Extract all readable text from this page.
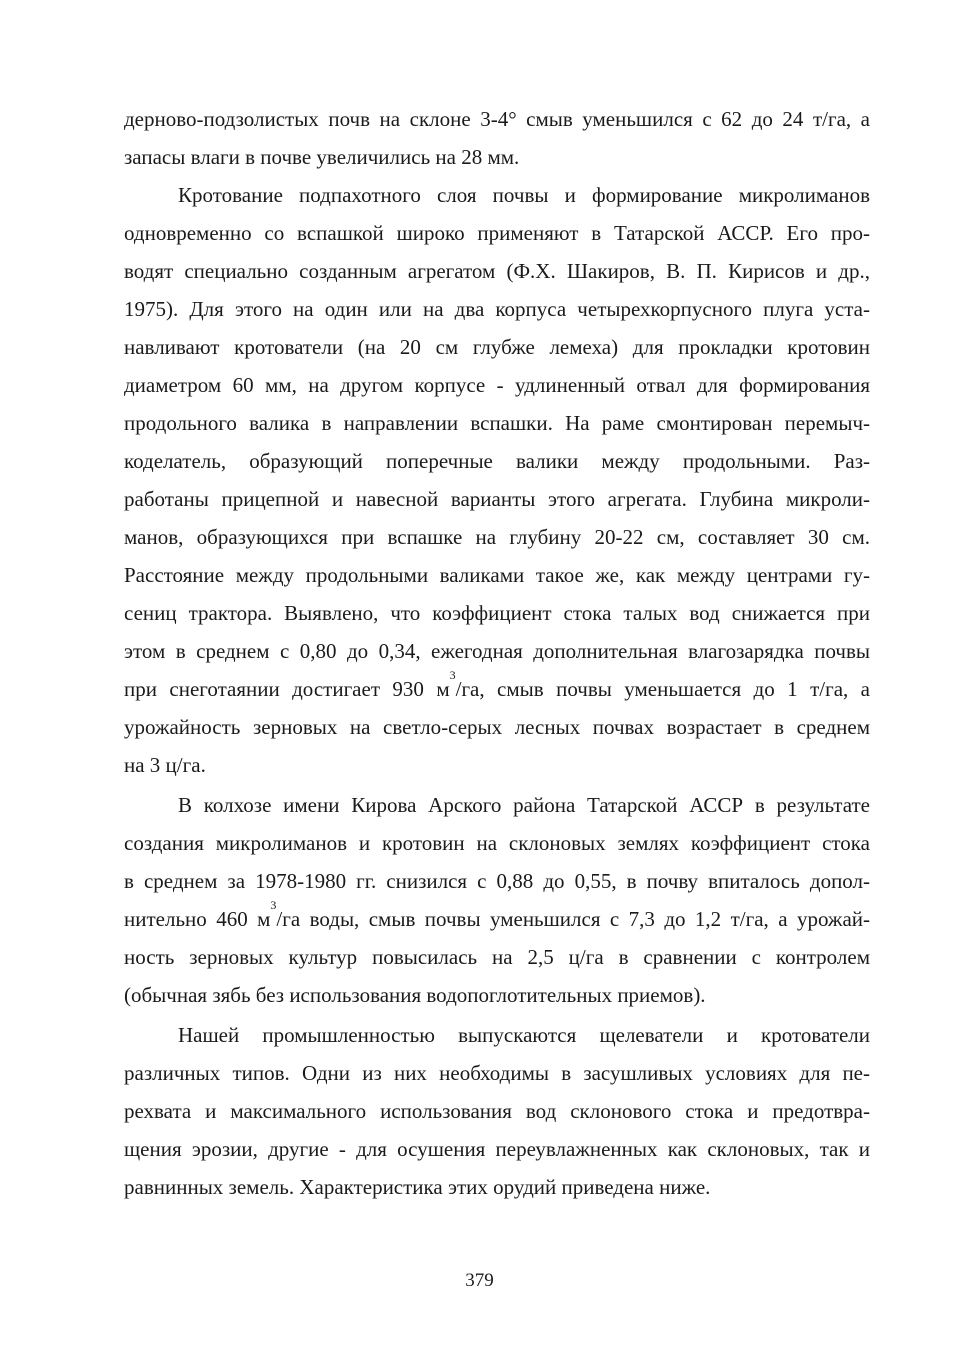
дерново-подзолистых почв на склоне 3-4° смыв уменьшился с 62 до 24 т/га, а
запасы влаги в почве увеличились на 28 мм.
Кротование подпахотного слоя почвы и формирование микролиманов
одновременно со вспашкой широко применяют в Татарской АССР. Его про-
водят специально созданным агрегатом (Ф.Х. Шакиров, В. П. Кирисов и др.,
1975). Для этого на один или на два корпуса четырехкорпусного плуга уста-
навливают кротователи (на 20 см глубже лемеха) для прокладки кротовин
диаметром 60 мм, на другом корпусе - удлиненный отвал для формирования
продольного валика в направлении вспашки. На раме смонтирован перемыч-
коделатель, образующий поперечные валики между продольными. Раз-
работаны прицепной и навесной варианты этого агрегата. Глубина микроли-
манов, образующихся при вспашке на глубину 20-22 см, составляет 30 см.
Расстояние между продольными валиками такое же, как между центрами гу-
сениц трактора. Выявлено, что коэффициент стока талых вод снижается при
этом в среднем с 0,80 до 0,34, ежегодная дополнительная влагозарядка почвы
при снеготаянии достигает 930 $м^3/га$, смыв почвы уменьшается до 1 т/га, а
урожайность зерновых на светло-серых лесных почвах возрастает в среднем
на 3 ц/га.
В колхозе имени Кирова Арского района Татарской АССР в результате
создания микролиманов и кротовин на склоновых землях коэффициент стока
в среднем за 1978-1980 гг. снизился с 0,88 до 0,55, в почву впиталось допол-
нительно 460 $м^3/га$ воды, смыв почвы уменьшился с 7,3 до 1,2 т/га, а урожай-
ность зерновых культур повысилась на 2,5 ц/га в сравнении с контролем
(обычная зябь без использования водопоглотительных приемов).
Нашей промышленностью выпускаются щелеватели и кротователи
различных типов. Одни из них необходимы в засушливых условиях для пе-
рехвата и максимального использования вод склонового стока и предотвра-
щения эрозии, другие - для осушения переувлажненных как склоновых, так и
равнинных земель. Характеристика этих орудий приведена ниже.
379
